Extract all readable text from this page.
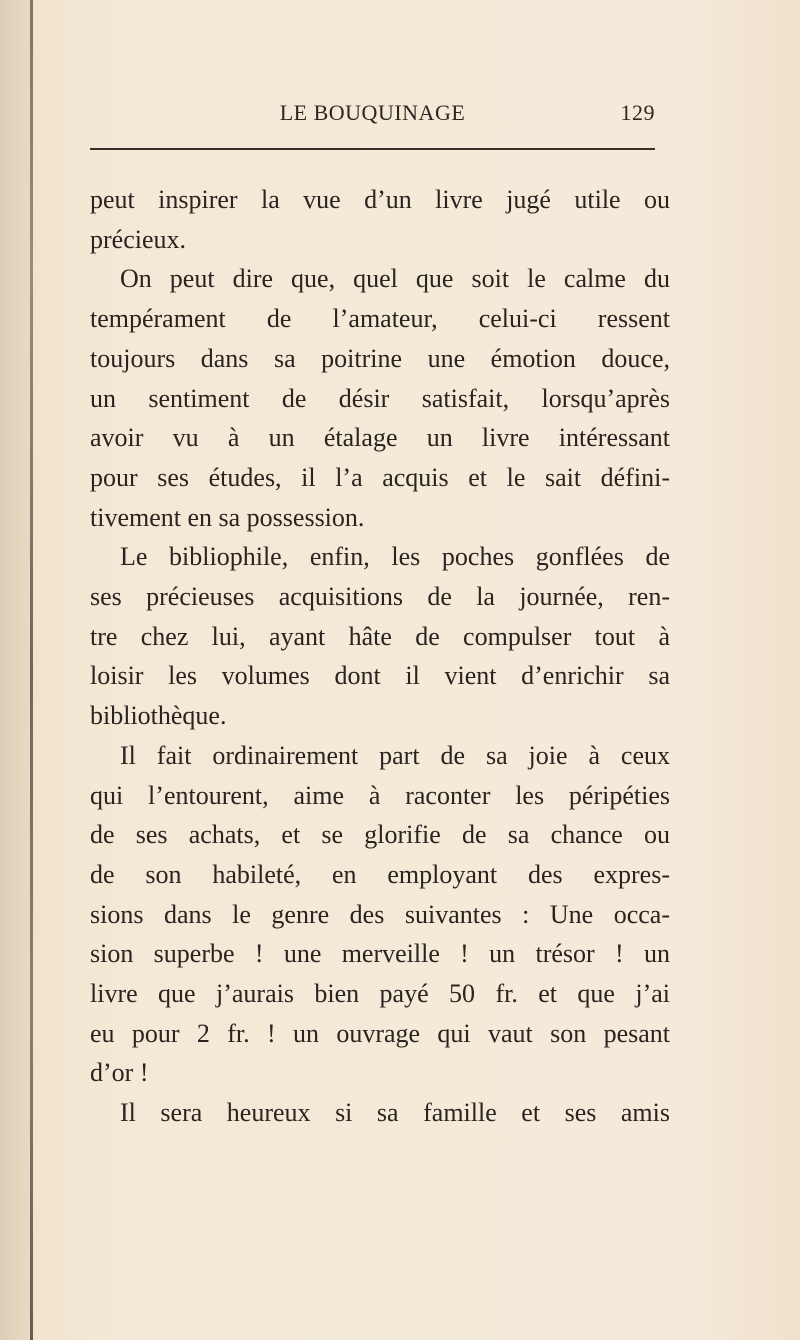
LE BOUQUINAGE	129

peut inspirer la vue d’un livre jugé utile ou
précieux.

On peut dire que, quel que soit le calme du
tempérament de l’amateur, celui-ci ressent
toujours dans sa poitrine une émotion douce,
un sentiment de désir satisfait, lorsqu’après
avoir vu à un étalage un livre intéressant
pour ses études, il l’a acquis et le sait défini-
tivement en sa possession.

Le bibliophile, enfin, les poches gonflées de
ses précieuses acquisitions de la journée, ren-
tre chez lui, ayant hâte de compulser tout à
loisir les volumes dont il vient d’enrichir sa
bibliothèque.

Il fait ordinairement part de sa joie à ceux
qui l’entourent, aime à raconter les péripéties
de ses achats, et se glorifie de sa chance ou
de son habileté, en employant des expres-
sions dans le genre des suivantes : Une occa-
sion superbe ! une merveille ! un trésor ! un
livre que j’aurais bien payé 50 fr. et que j’ai
eu pour 2 fr. ! un ouvrage qui vaut son pesant
d’or !

Il sera heureux si sa famille et ses amis
